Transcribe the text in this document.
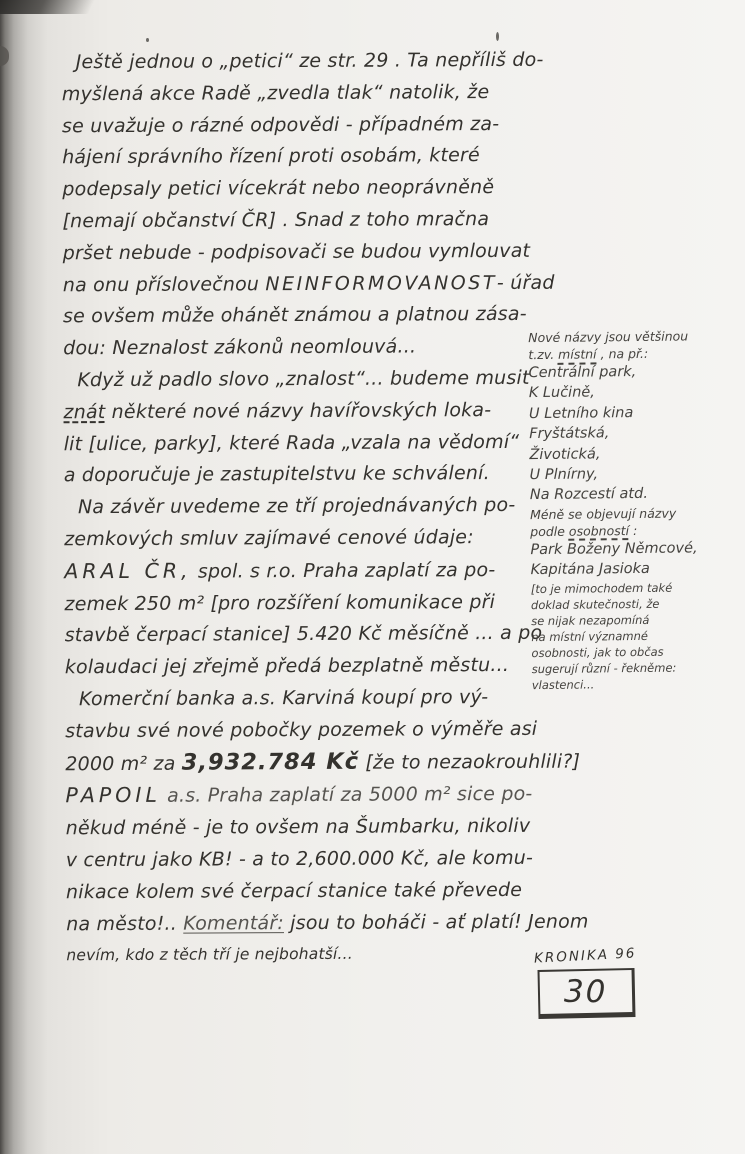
Ještě jednou o „petici“ ze str. 29 . Ta nepříliš do-
myšlená akce Radě „zvedla tlak“ natolik, že
se uvažuje o rázné odpovědi - případném za-
hájení správního řízení proti osobám, které
podepsaly petici vícekrát nebo neoprávněně
[nemají občanství ČR] . Snad z toho mračna
pršet nebude - podpisovači se budou vymlouvat
na onu příslovečnou NEINFORMOVANOST- úřad
se ovšem může ohánět známou a platnou zása-
dou: Neznalost zákonů neomlouvá...
Když už padlo slovo „znalost“... budeme musit
znát některé nové názvy havířovských loka-
lit [ulice, parky], které Rada „vzala na vědomí“
a doporučuje je zastupitelstvu ke schválení.
Na závěr uvedeme ze tří projednávaných po-
zemkových smluv zajímavé cenové údaje:
ARAL ČR, spol. s r.o. Praha zaplatí za po-
zemek 250 m² [pro rozšíření komunikace při
stavbě čerpací stanice] 5.420 Kč měsíčně ... a po
kolaudaci jej zřejmě předá bezplatně městu...
Komerční banka a.s. Karviná koupí pro vý-
stavbu své nové pobočky pozemek o výměře asi
2000 m² za 3,932.784 Kč [že to nezaokrouhlili?]
PAPOIL a.s. Praha zaplatí za 5000 m² sice po-
někud méně - je to ovšem na Šumbarku, nikoliv
v centru jako KB! - a to 2,600.000 Kč, ale komu-
nikace kolem své čerpací stanice také převede
na město!.. Komentář: jsou to boháči - ať platí! Jenom
nevím, kdo z těch tří je nejbohatší...
Nové názvy jsou většinou
t.zv. místní , na př.:
Centrální park,
K Lučině,
U Letního kina
Fryštátská,
Životická,
U Plnírny,
Na Rozcestí atd.
Méně se objevují názvy
podle osobností :
Park Boženy Němcové,
Kapitána Jasioka
[to je mimochodem také
doklad skutečnosti, že
se nijak nezapomíná
na místní významné
osobnosti, jak to občas
sugerují různí - řekněme:
vlastenci...
KRONIKA 96
30
